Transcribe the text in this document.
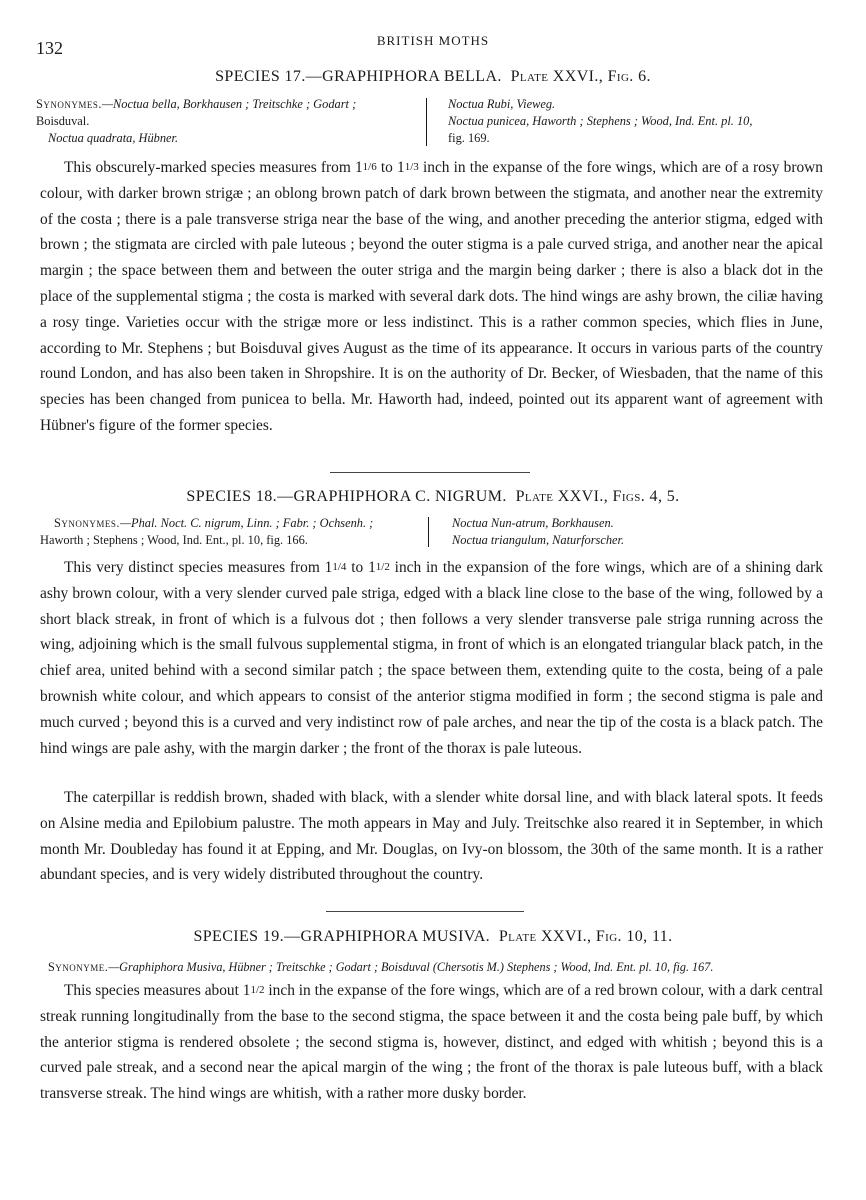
132	BRITISH MOTHS
SPECIES 17.—GRAPHIPHORA BELLA. Plate XXVI., Fig. 6.
Synonymes.—Noctua bella, Borkhausen ; Treitschke ; Godart ;
Boisduval.
Noctua quadrata, Hübner.
Noctua Rubi, Vieweg.
Noctua punicea, Haworth ; Stephens ; Wood, Ind. Ent. pl. 10,
fig. 169.

This obscurely-marked species measures from 11/6 to 11/3 inch in the expanse of the fore wings, which are of a rosy brown colour, with darker brown strigæ ; an oblong brown patch of dark brown between the stigmata, and another near the extremity of the costa ; there is a pale transverse striga near the base of the wing, and another preceding the anterior stigma, edged with brown ; the stigmata are circled with pale luteous ; beyond the outer stigma is a pale curved striga, and another near the apical margin ; the space between them and between the outer striga and the margin being darker ; there is also a black dot in the place of the supplemental stigma ; the costa is marked with several dark dots. The hind wings are ashy brown, the ciliæ having a rosy tinge. Varieties occur with the strigæ more or less indistinct. This is a rather common species, which flies in June, according to Mr. Stephens ; but Boisduval gives August as the time of its appearance. It occurs in various parts of the country round London, and has also been taken in Shropshire. It is on the authority of Dr. Becker, of Wiesbaden, that the name of this species has been changed from punicea to bella. Mr. Haworth had, indeed, pointed out its apparent want of agreement with Hübner's figure of the former species.

SPECIES 18.—GRAPHIPHORA C. NIGRUM. Plate XXVI., Figs. 4, 5.
Synonymes.—Phal. Noct. C. nigrum, Linn. ; Fabr. ; Ochsenh. ;
Haworth ; Stephens ; Wood, Ind. Ent., pl. 10, fig. 166.
Noctua Nun-atrum, Borkhausen.
Noctua triangulum, Naturforscher.

This very distinct species measures from 11/4 to 11/2 inch in the expansion of the fore wings, which are of a shining dark ashy brown colour, with a very slender curved pale striga, edged with a black line close to the base of the wing, followed by a short black streak, in front of which is a fulvous dot ; then follows a very slender transverse pale striga running across the wing, adjoining which is the small fulvous supplemental stigma, in front of which is an elongated triangular black patch, in the chief area, united behind with a second similar patch ; the space between them, extending quite to the costa, being of a pale brownish white colour, and which appears to consist of the anterior stigma modified in form ; the second stigma is pale and much curved ; beyond this is a curved and very indistinct row of pale arches, and near the tip of the costa is a black patch. The hind wings are pale ashy, with the margin darker ; the front of the thorax is pale luteous.

The caterpillar is reddish brown, shaded with black, with a slender white dorsal line, and with black lateral spots. It feeds on Alsine media and Epilobium palustre. The moth appears in May and July. Treitschke also reared it in September, in which month Mr. Doubleday has found it at Epping, and Mr. Douglas, on Ivy-on blossom, the 30th of the same month. It is a rather abundant species, and is very widely distributed throughout the country.

SPECIES 19.—GRAPHIPHORA MUSIVA. Plate XXVI., Fig. 10, 11.
Synonyme.—Graphiphora Musiva, Hübner ; Treitschke ; Godart ; Boisduval (Chersotis M.) Stephens ; Wood, Ind. Ent. pl. 10, fig. 167.

This species measures about 11/2 inch in the expanse of the fore wings, which are of a red brown colour, with a dark central streak running longitudinally from the base to the second stigma, the space between it and the costa being pale buff, by which the anterior stigma is rendered obsolete ; the second stigma is, however, distinct, and edged with whitish ; beyond this is a curved pale streak, and a second near the apical margin of the wing ; the front of the thorax is pale luteous buff, with a black transverse streak. The hind wings are whitish, with a rather more dusky border.
